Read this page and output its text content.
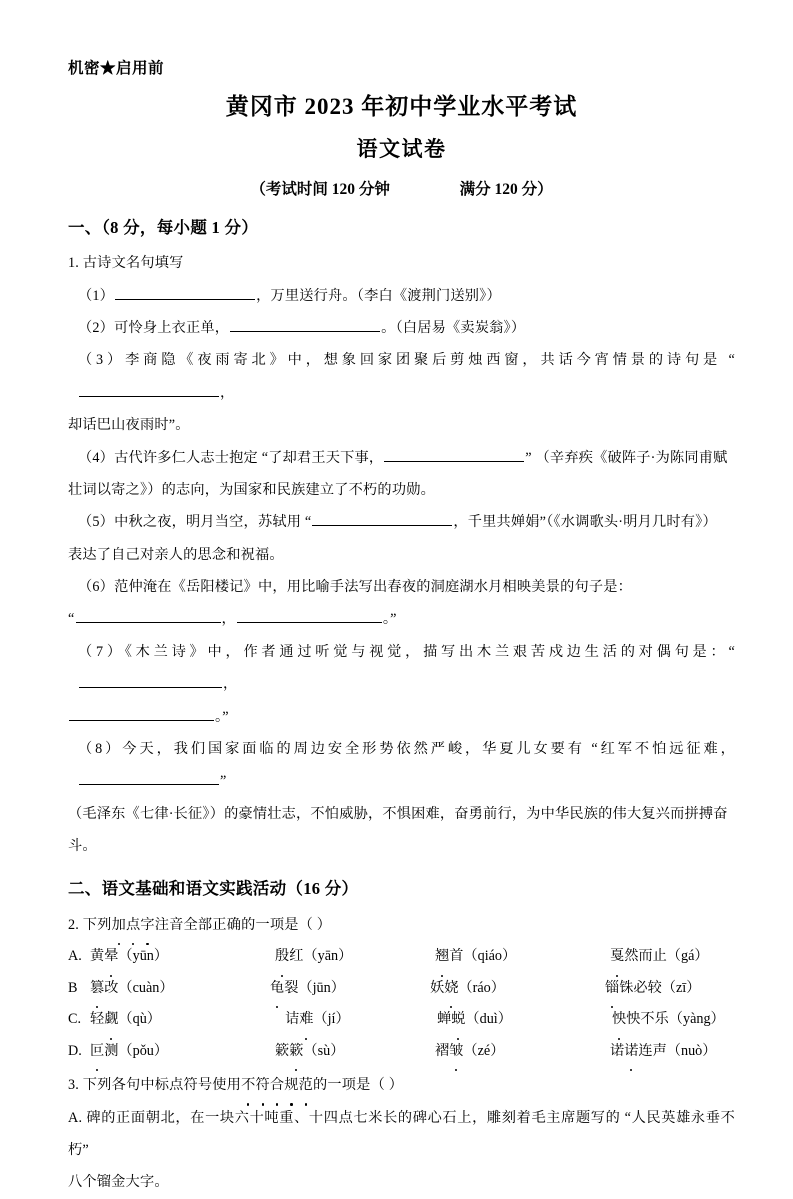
机密★启用前
黄冈市 2023 年初中学业水平考试
语文试卷
（考试时间 120 分钟	满分 120 分）
一、（8 分，每小题 1 分）
1. 古诗文名句填写
（1）	，万里送行舟。（李白《渡荆门送别》）
（2）可怜身上衣正单，	。（白居易《卖炭翁》）
（3）李商隐《夜雨寄北》中，想象回家团聚后剪烛西窗，共话今宵情景的诗句是 “，
却话巴山夜雨时”。
（4）古代许多仁人志士抱定 “了却君王天下事，	” （辛弃疾《破阵子·为陈同甫赋
壮词以寄之》）的志向，为国家和民族建立了不朽的功勋。
（5）中秋之夜，明月当空，苏轼用 “	，千里共婵娟”（《水调歌头·明月几时有》）
表达了自己对亲人的思念和祝福。
（6）范仲淹在《岳阳楼记》中，用比喻手法写出春夜的洞庭湖水月相映美景的句子是：
“	，	。”
（7）《木兰诗》中，作者通过听觉与视觉，描写出木兰艰苦戍边生活的对偶句是：“，
。”
（8）今天，我们国家面临的周边安全形势依然严峻，华夏儿女要有 “红军不怕远征难，”
（毛泽东《七律·长征》）的豪情壮志，不怕威胁，不惧困难，奋勇前行，为中华民族的伟大复兴而拼搏奋
斗。
二、语文基础和语文实践活动（16 分）
2. 下列加点字注音全部正确的一项是（ ）
A. 黄晕（yūn）	殷红（yān）	翘首（qiáo）	戛然而止（gá）
B 篡改（cuàn）	龟裂（jūn）	妖娆（ráo）	锱铢必较（zī）
C. 轻觑（qù）	诘难（jí）	蝉蜕（duì）	怏怏不乐（yàng）
D. 叵测（pǒu）	簌簌（sù）	褶皱（zé）	诺诺连声（nuò）
3. 下列各句中标点符号使用不符合规范的一项是（ ）
A. 碑的正面朝北，在一块六十吨重、十四点七米长的碑心石上，雕刻着毛主席题写的 “人民英雄永垂不朽”
八个镏金大字。
